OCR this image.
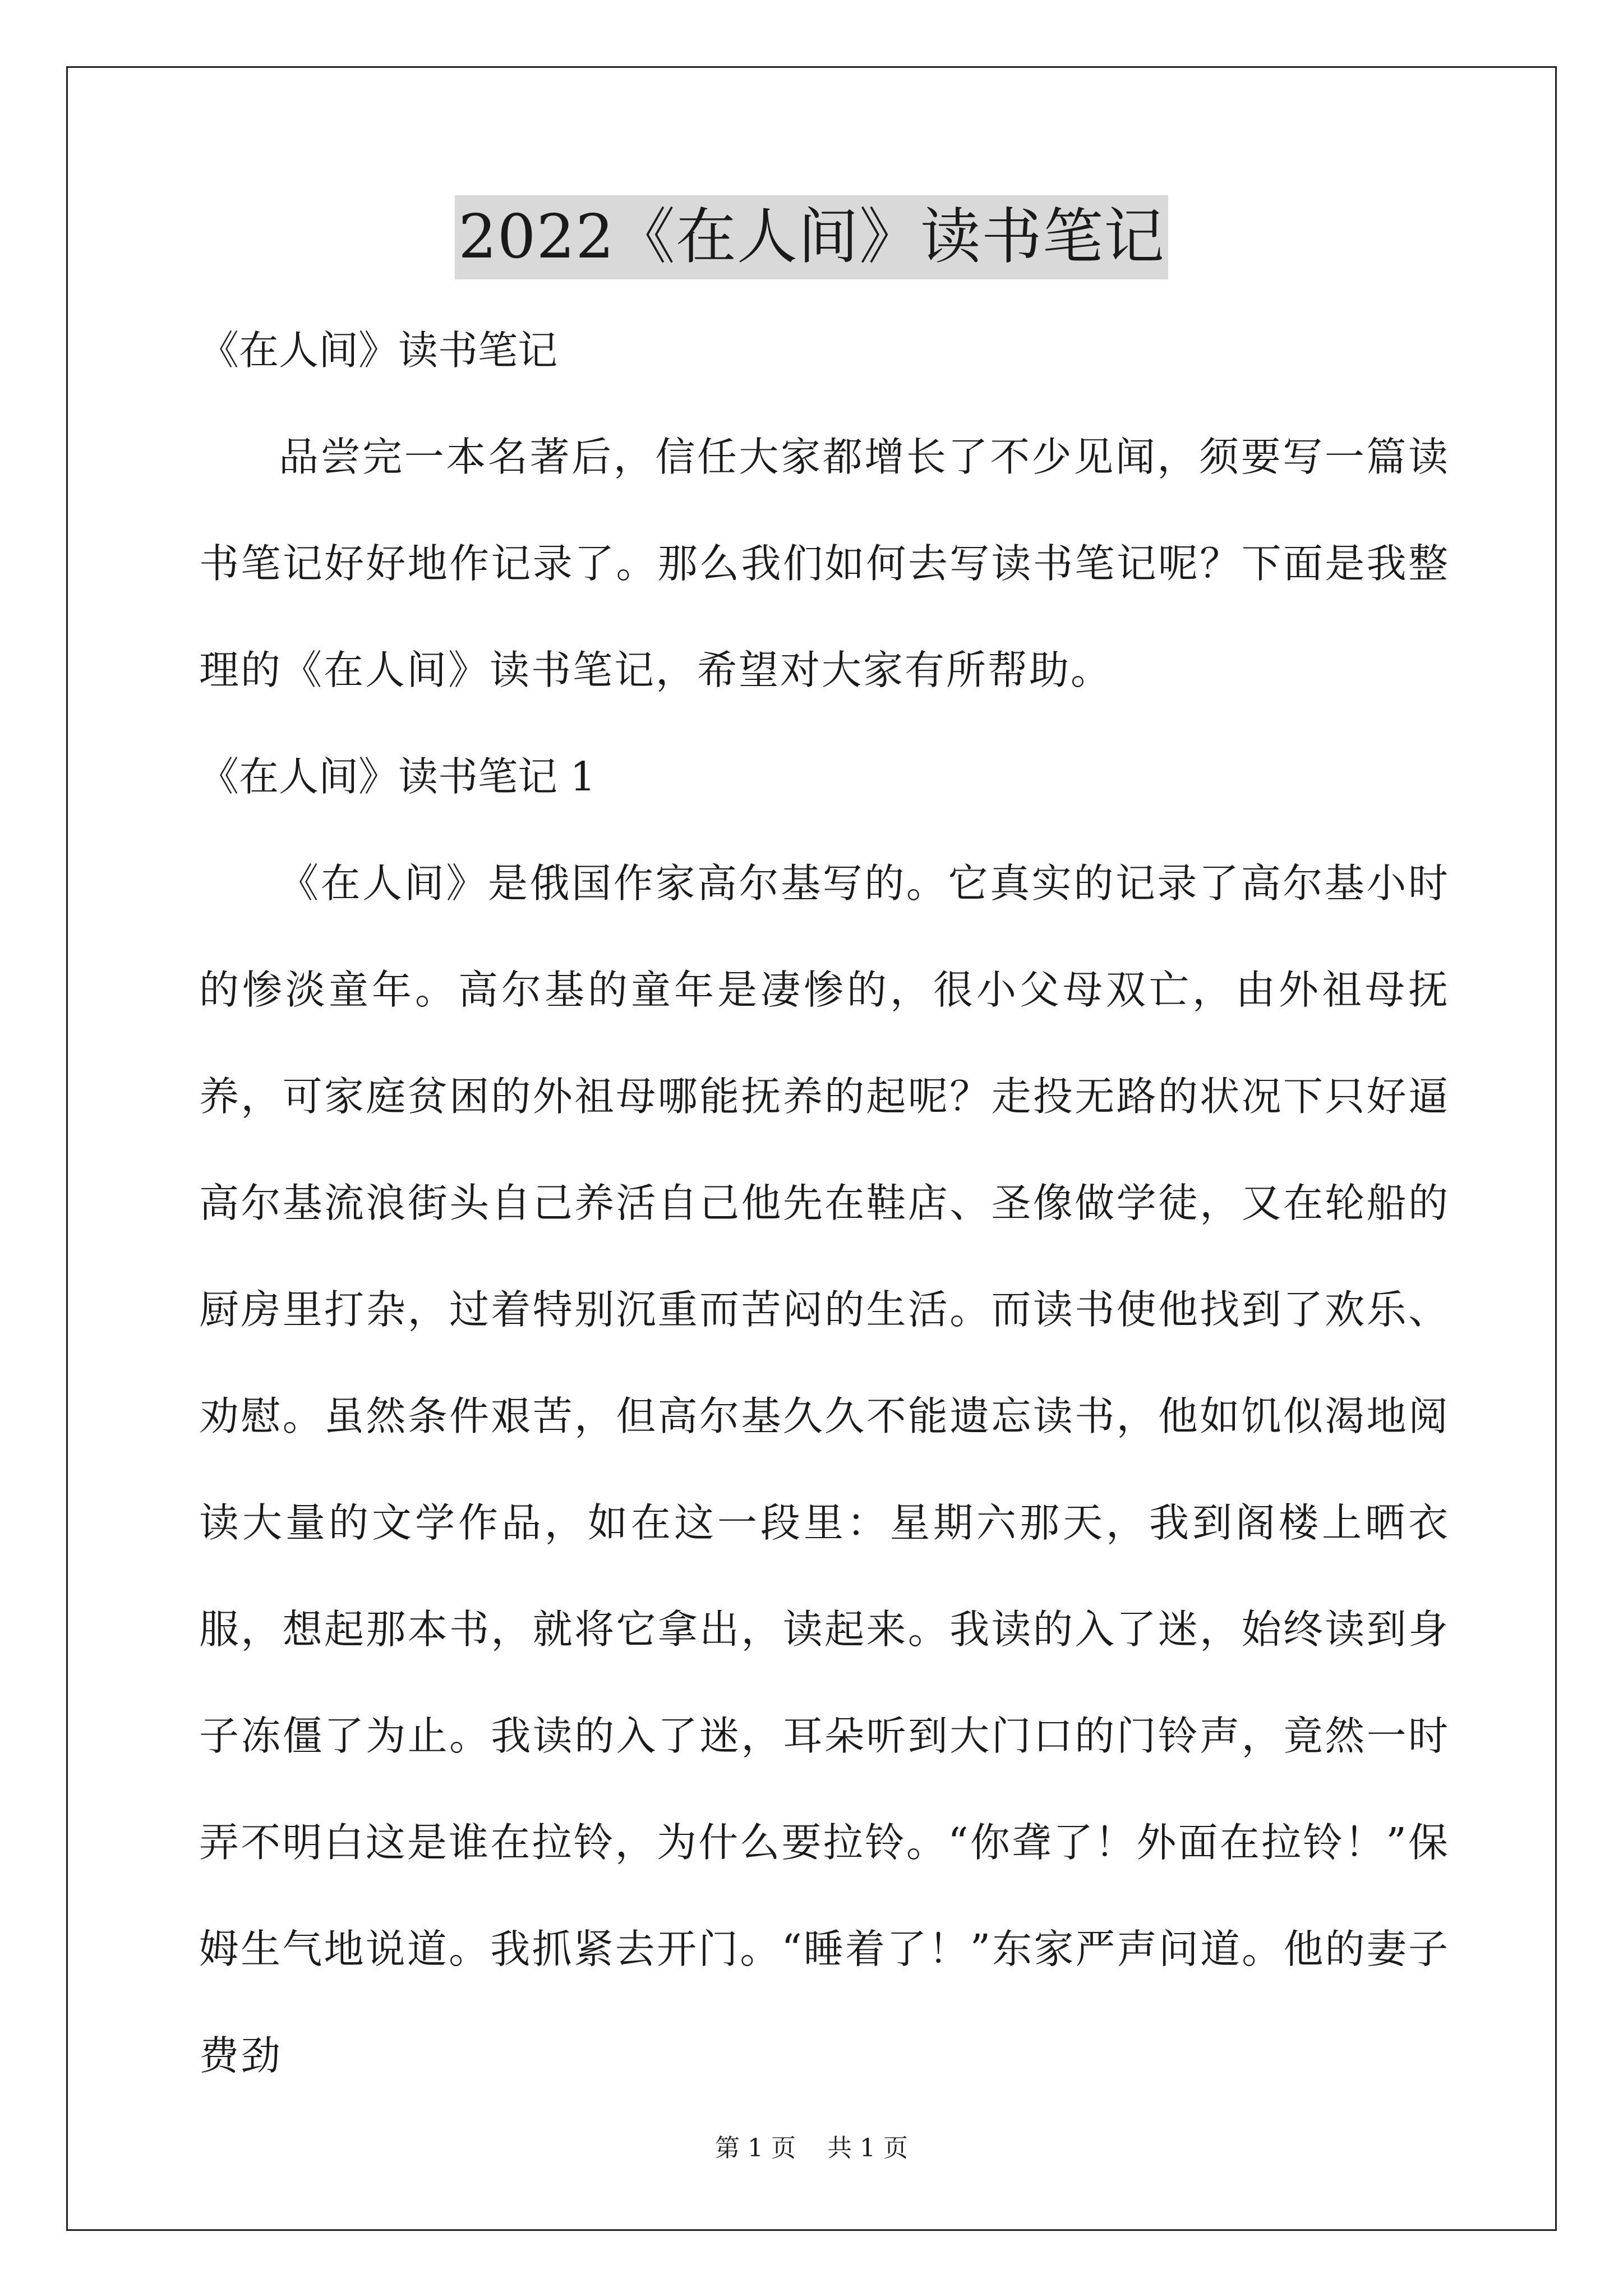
2022《在人间》读书笔记

《在人间》读书笔记

品尝完一本名著后，信任大家都增长了不少见闻，须要写一篇读书笔记好好地作记录了。那么我们如何去写读书笔记呢？下面是我整理的《在人间》读书笔记，希望对大家有所帮助。

《在人间》读书笔记 1

《在人间》是俄国作家高尔基写的。它真实的记录了高尔基小时的惨淡童年。高尔基的童年是凄惨的，很小父母双亡，由外祖母抚养，可家庭贫困的外祖母哪能抚养的起呢？走投无路的状况下只好逼高尔基流浪街头自己养活自己他先在鞋店、圣像做学徒，又在轮船的厨房里打杂，过着特别沉重而苦闷的生活。而读书使他找到了欢乐、劝慰。虽然条件艰苦，但高尔基久久不能遗忘读书，他如饥似渴地阅读大量的文学作品，如在这一段里：星期六那天，我到阁楼上晒衣服，想起那本书，就将它拿出，读起来。我读的入了迷，始终读到身子冻僵了为止。我读的入了迷，耳朵听到大门口的门铃声，竟然一时弄不明白这是谁在拉铃，为什么要拉铃。“你聋了！外面在拉铃！”保姆生气地说道。我抓紧去开门。“睡着了！”东家严声问道。他的妻子费劲

第 1 页 共 1 页
